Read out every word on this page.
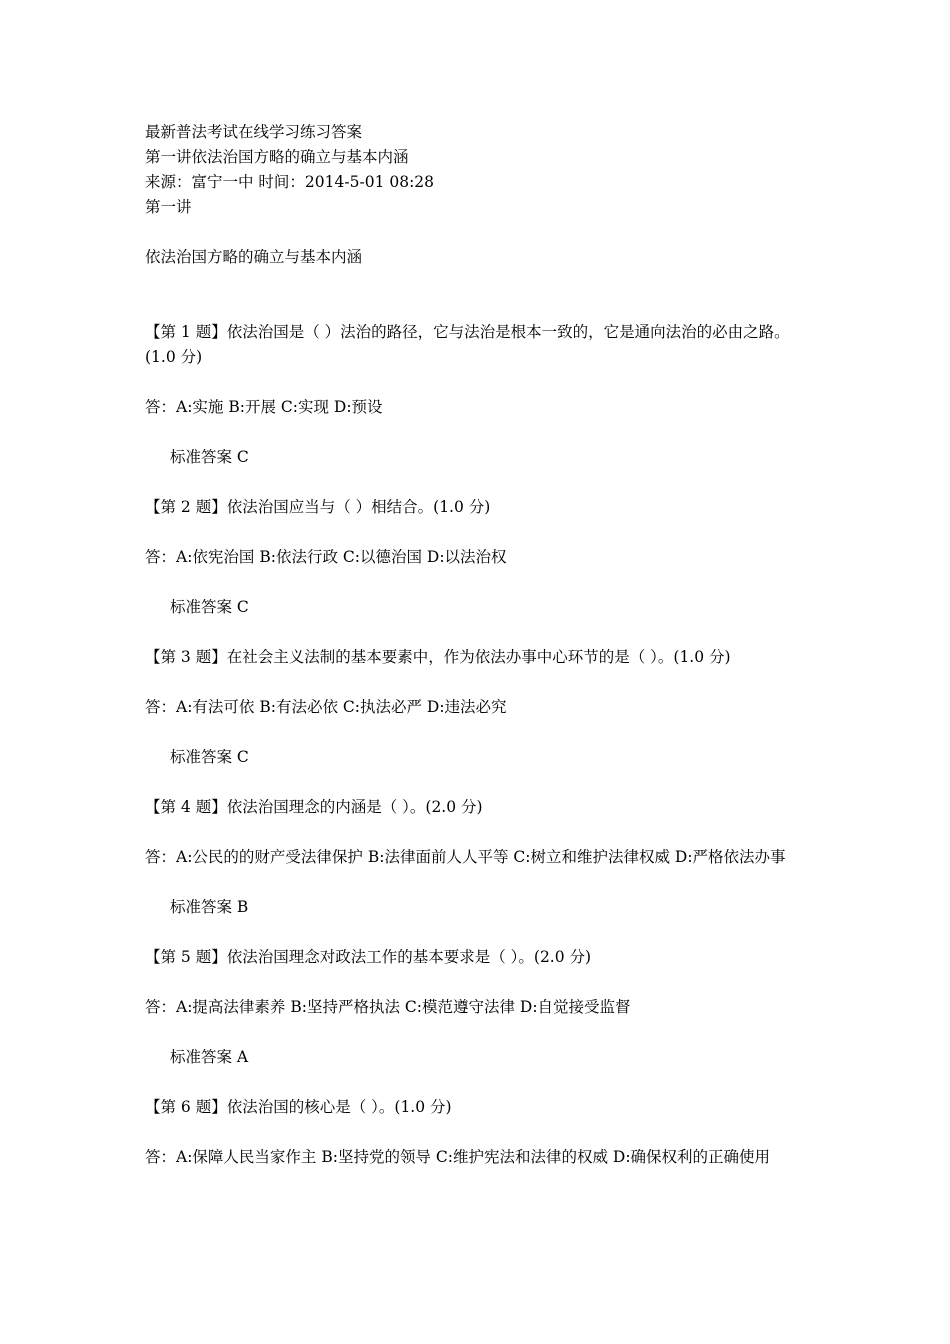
最新普法考试在线学习练习答案
第一讲依法治国方略的确立与基本内涵
来源：富宁一中 时间：2014-5-01 08:28
第一讲
依法治国方略的确立与基本内涵
【第 1 题】依法治国是（ ）法治的路径，它与法治是根本一致的，它是通向法治的必由之路。(1.0 分)
答：A:实施 B:开展 C:实现 D:预设
标准答案 C
【第 2 题】依法治国应当与（ ）相结合。(1.0 分)
答：A:依宪治国 B:依法行政 C:以德治国 D:以法治权
标准答案 C
【第 3 题】在社会主义法制的基本要素中，作为依法办事中心环节的是（ ）。(1.0 分)
答：A:有法可依 B:有法必依 C:执法必严 D:违法必究
标准答案 C
【第 4 题】依法治国理念的内涵是（ ）。(2.0 分)
答：A:公民的的财产受法律保护 B:法律面前人人平等 C:树立和维护法律权威 D:严格依法办事
标准答案 B
【第 5 题】依法治国理念对政法工作的基本要求是（ ）。(2.0 分)
答：A:提高法律素养 B:坚持严格执法 C:模范遵守法律 D:自觉接受监督
标准答案 A
【第 6 题】依法治国的核心是（ ）。(1.0 分)
答：A:保障人民当家作主 B:坚持党的领导 C:维护宪法和法律的权威 D:确保权利的正确使用
